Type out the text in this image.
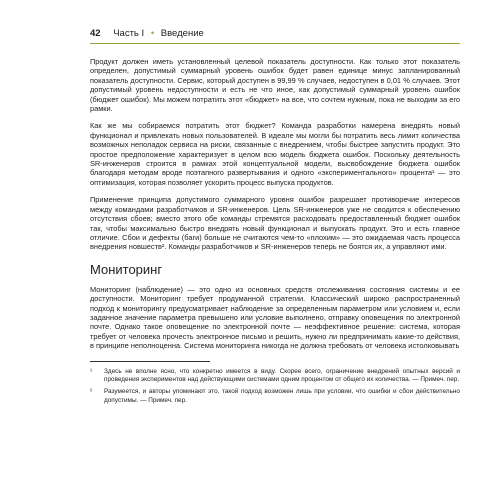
42 Часть I • Введение

Продукт должен иметь установленный целевой показатель доступности. Как только этот показатель определен, допустимый суммарный уровень ошибок будет равен единице минус запланированный показатель доступности. Сервис, который доступен в 99,99 % случаев, недоступен в 0,01 % случаев. Этот допустимый уровень недоступности и есть не что иное, как допустимый суммарный уровень ошибок (бюджет ошибок). Мы можем потратить этот «бюджет» на все, что сочтем нужным, пока не выходим за его рамки.

Как же мы собираемся потратить этот бюджет? Команда разработки намерена внедрять новый функционал и привлекать новых пользователей. В идеале мы могли бы потратить весь лимит количества возможных неполадок сервиса на риски, связанные с внедрением, чтобы быстрее запустить продукт. Это простое предположение характеризует в целом всю модель бюджета ошибок. Поскольку деятельность SR-инженеров строится в рамках этой концептуальной модели, высвобождение бюджета ошибок благодаря методам вроде поэтапного развертывания и одного «экспериментального» процента¹ — это оптимизация, которая позволяет ускорить процесс выпуска продуктов.

Применение принципа допустимого суммарного уровня ошибок разрешает противоречие интересов между командами разработчиков и SR-инженеров. Цель SR-инженеров уже не сводится к обеспечению отсутствия сбоев; вместо этого обе команды стремятся расходовать предоставленный бюджет ошибок так, чтобы максимально быстро внедрять новый функционал и выпускать продукт. Это и есть главное отличие. Сбои и дефекты (баги) больше не считаются чем-то «плохим» — это ожидаемая часть процесса внедрения новшеств². Команды разработчиков и SR-инженеров теперь не боятся их, а управляют ими.

Мониторинг

Мониторинг (наблюдение) — это одно из основных средств отслеживания состояния системы и ее доступности. Мониторинг требует продуманной стратегии. Классический широко распространенный подход к мониторингу предусматривает наблюдение за определенным параметром или условием и, если заданное значение параметра превышено или условие выполнено, отправку оповещения по электронной почте. Однако такое оповещение по электронной почте — неэффективное решение: система, которая требует от человека прочесть электронное письмо и решить, нужно ли предпринимать какие-то действия, в принципе неполноценна. Система мониторинга никогда не должна требовать от человека истолковывать

¹	Здесь не вполне ясно, что конкретно имеется в виду. Скорее всего, ограничение внедрений опытных версий и проведения экспериментов над действующими системами одним процентом от общего их количества. — Примеч. пер.
²	Разумеется, и авторы упоминают это, такой подход возможен лишь при условии, что ошибки и сбои действительно допустимы. — Примеч. пер.
